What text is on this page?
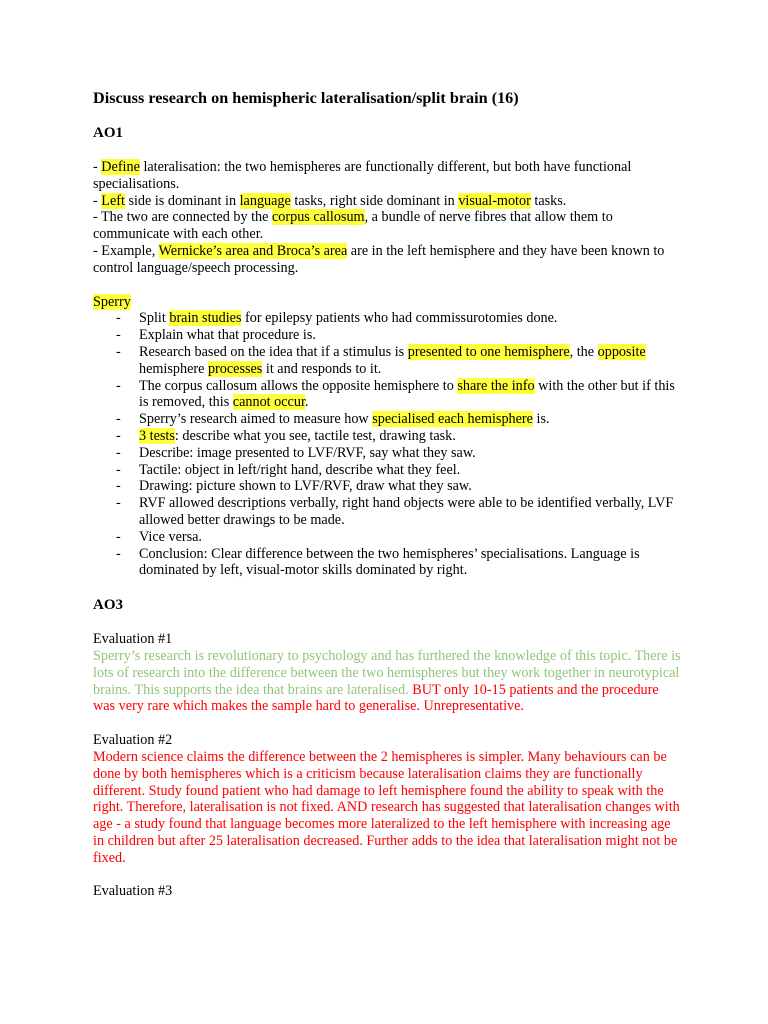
Discuss research on hemispheric lateralisation/split brain (16)
AO1
- Define lateralisation: the two hemispheres are functionally different, but both have functional specialisations.
- Left side is dominant in language tasks, right side dominant in visual-motor tasks.
- The two are connected by the corpus callosum, a bundle of nerve fibres that allow them to communicate with each other.
- Example, Wernicke’s area and Broca’s area are in the left hemisphere and they have been known to control language/speech processing.
Sperry
- Split brain studies for epilepsy patients who had commissurotomies done.
- Explain what that procedure is.
- Research based on the idea that if a stimulus is presented to one hemisphere, the opposite hemisphere processes it and responds to it.
- The corpus callosum allows the opposite hemisphere to share the info with the other but if this is removed, this cannot occur.
- Sperry’s research aimed to measure how specialised each hemisphere is.
- 3 tests: describe what you see, tactile test, drawing task.
- Describe: image presented to LVF/RVF, say what they saw.
- Tactile: object in left/right hand, describe what they feel.
- Drawing: picture shown to LVF/RVF, draw what they saw.
- RVF allowed descriptions verbally, right hand objects were able to be identified verbally, LVF allowed better drawings to be made.
- Vice versa.
- Conclusion: Clear difference between the two hemispheres’ specialisations. Language is dominated by left, visual-motor skills dominated by right.
AO3
Evaluation #1
Sperry’s research is revolutionary to psychology and has furthered the knowledge of this topic. There is lots of research into the difference between the two hemispheres but they work together in neurotypical brains. This supports the idea that brains are lateralised. BUT only 10-15 patients and the procedure was very rare which makes the sample hard to generalise. Unrepresentative.
Evaluation #2
Modern science claims the difference between the 2 hemispheres is simpler. Many behaviours can be done by both hemispheres which is a criticism because lateralisation claims they are functionally different. Study found patient who had damage to left hemisphere found the ability to speak with the right. Therefore, lateralisation is not fixed. AND research has suggested that lateralisation changes with age - a study found that language becomes more lateralized to the left hemisphere with increasing age in children but after 25 lateralisation decreased. Further adds to the idea that lateralisation might not be fixed.
Evaluation #3
